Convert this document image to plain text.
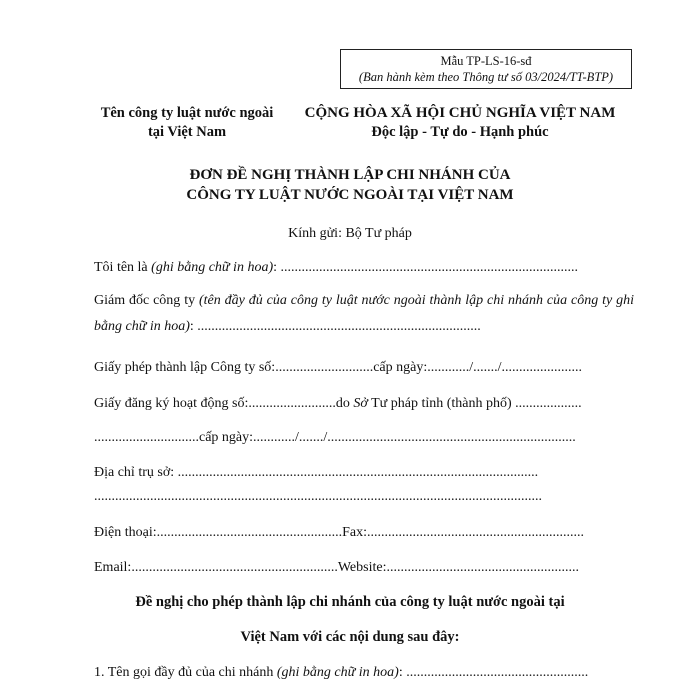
Mẫu TP-LS-16-sđ
(Ban hành kèm theo Thông tư số 03/2024/TT-BTP)
Tên công ty luật nước ngoài
tại Việt Nam
CỘNG HÒA XÃ HỘI CHỦ NGHĨA VIỆT NAM
Độc lập - Tự do - Hạnh phúc
ĐƠN ĐỀ NGHỊ THÀNH LẬP CHI NHÁNH CỦA
CÔNG TY LUẬT NƯỚC NGOÀI TẠI VIỆT NAM
Kính gửi: Bộ Tư pháp
Tôi tên là (ghi bằng chữ in hoa): .....................................................................................
Giám đốc công ty (tên đầy đủ của công ty luật nước ngoài thành lập chi nhánh của công ty ghi bằng chữ in hoa): .................................................................................
Giấy phép thành lập Công ty số:............................cấp ngày:............/......./.......................
Giấy đăng ký hoạt động số:.........................do Sở Tư pháp tỉnh (thành phố) ...................
..............................cấp ngày:............/......./.......................................................................
Địa chỉ trụ sở: .......................................................................................................
................................................................................................................................
Điện thoại:.....................................................Fax:..............................................................
Email:...........................................................Website:.......................................................
Đề nghị cho phép thành lập chi nhánh của công ty luật nước ngoài tại
Việt Nam với các nội dung sau đây:
1. Tên gọi đầy đủ của chi nhánh (ghi bằng chữ in hoa): ....................................................
